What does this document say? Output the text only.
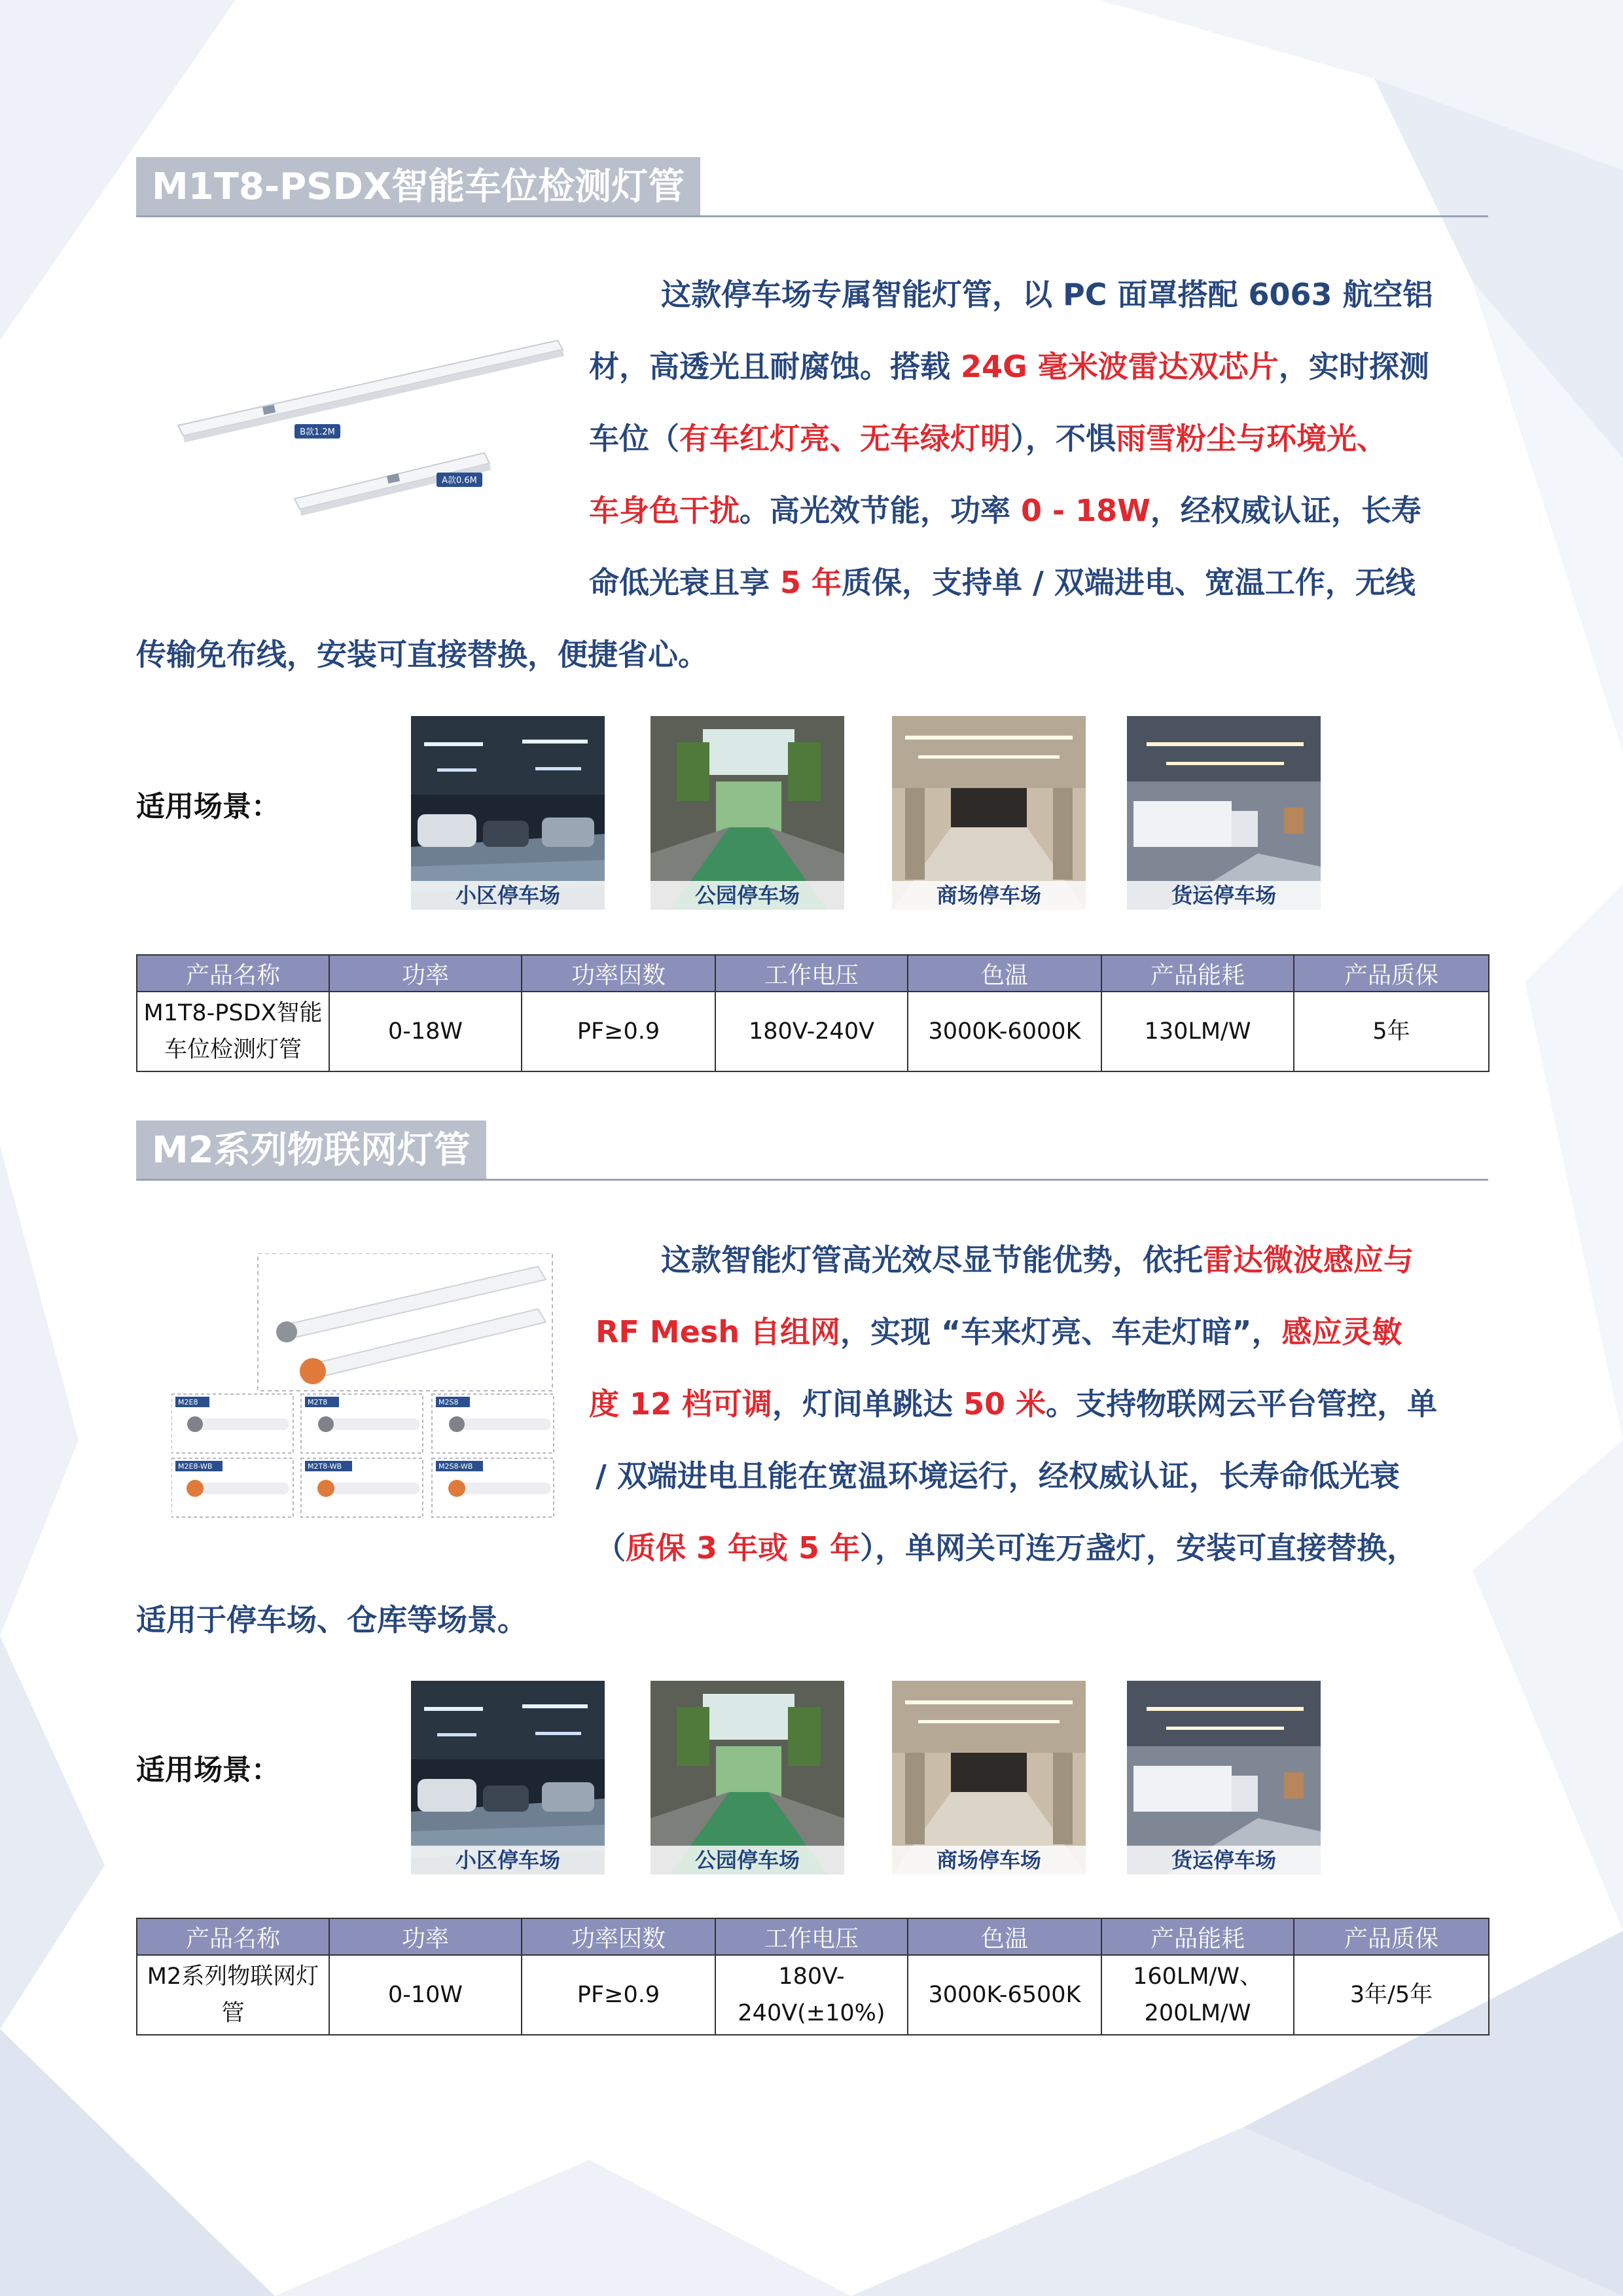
M1T8-PSDX智能车位检测灯管
B款1.2M
A款0.6M
这款停车场专属智能灯管，以 PC 面罩搭配 6063 航空铝
材，高透光且耐腐蚀。搭载 24G 毫米波雷达双芯片，实时探测
车位（有车红灯亮、无车绿灯明），不惧雨雪粉尘与环境光、
车身色干扰。高光效节能，功率 0 - 18W，经权威认证，长寿
命低光衰且享 5 年质保，支持单 / 双端进电、宽温工作，无线
传输免布线，安装可直接替换，便捷省心。
适用场景：
小区停车场	公园停车场	商场停车场	货运停车场
产品名称	功率	功率因数	工作电压	色温	产品能耗	产品质保
M1T8-PSDX智能车位检测灯管	0-18W	PF≥0.9	180V-240V	3000K-6000K	130LM/W	5年
M2系列物联网灯管
M2E8	M2T8	M2S8
M2E8-WB	M2T8-WB	M2S8-WB
这款智能灯管高光效尽显节能优势，依托雷达微波感应与
RF Mesh 自组网，实现 “车来灯亮、车走灯暗”，感应灵敏
度 12 档可调，灯间单跳达 50 米。支持物联网云平台管控，单
/ 双端进电且能在宽温环境运行，经权威认证，长寿命低光衰
（质保 3 年或 5 年），单网关可连万盏灯，安装可直接替换，
适用于停车场、仓库等场景。
适用场景：
小区停车场	公园停车场	商场停车场	货运停车场
产品名称	功率	功率因数	工作电压	色温	产品能耗	产品质保
M2系列物联网灯管	0-10W	PF≥0.9	180V-240V(±10%)	3000K-6500K	160LM/W、200LM/W	3年/5年
